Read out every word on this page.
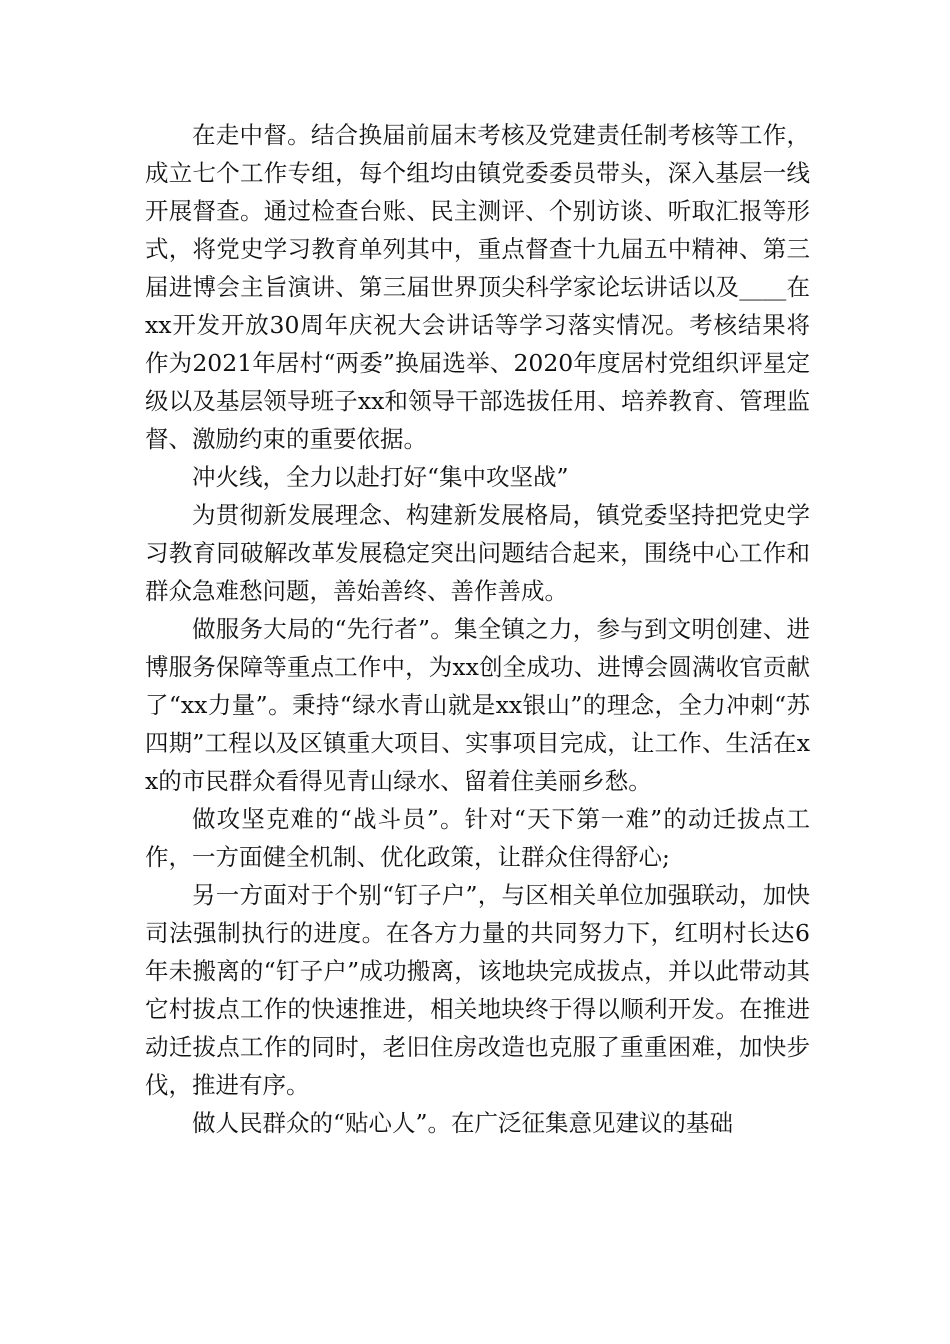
在走中督。结合换届前届末考核及党建责任制考核等工作，成立七个工作专组，每个组均由镇党委委员带头，深入基层一线开展督查。通过检查台账、民主测评、个别访谈、听取汇报等形式，将党史学习教育单列其中，重点督查十九届五中精神、第三届进博会主旨演讲、第三届世界顶尖科学家论坛讲话以及____在xx开发开放30周年庆祝大会讲话等学习落实情况。考核结果将作为2021年居村“两委”换届选举、2020年度居村党组织评星定级以及基层领导班子xx和领导干部选拔任用、培养教育、管理监督、激励约束的重要依据。

冲火线，全力以赴打好“集中攻坚战”

为贯彻新发展理念、构建新发展格局，镇党委坚持把党史学习教育同破解改革发展稳定突出问题结合起来，围绕中心工作和群众急难愁问题，善始善终、善作善成。

做服务大局的“先行者”。集全镇之力，参与到文明创建、进博服务保障等重点工作中，为xx创全成功、进博会圆满收官贡献了“xx力量”。秉持“绿水青山就是xx银山”的理念，全力冲刺“苏四期”工程以及区镇重大项目、实事项目完成，让工作、生活在xx的市民群众看得见青山绿水、留着住美丽乡愁。

做攻坚克难的“战斗员”。针对“天下第一难”的动迁拔点工作，一方面健全机制、优化政策，让群众住得舒心;

另一方面对于个别“钉子户”，与区相关单位加强联动，加快司法强制执行的进度。在各方力量的共同努力下，红明村长达6年未搬离的“钉子户”成功搬离，该地块完成拔点，并以此带动其它村拔点工作的快速推进，相关地块终于得以顺利开发。在推进动迁拔点工作的同时，老旧住房改造也克服了重重困难，加快步伐，推进有序。

做人民群众的“贴心人”。在广泛征集意见建议的基础
